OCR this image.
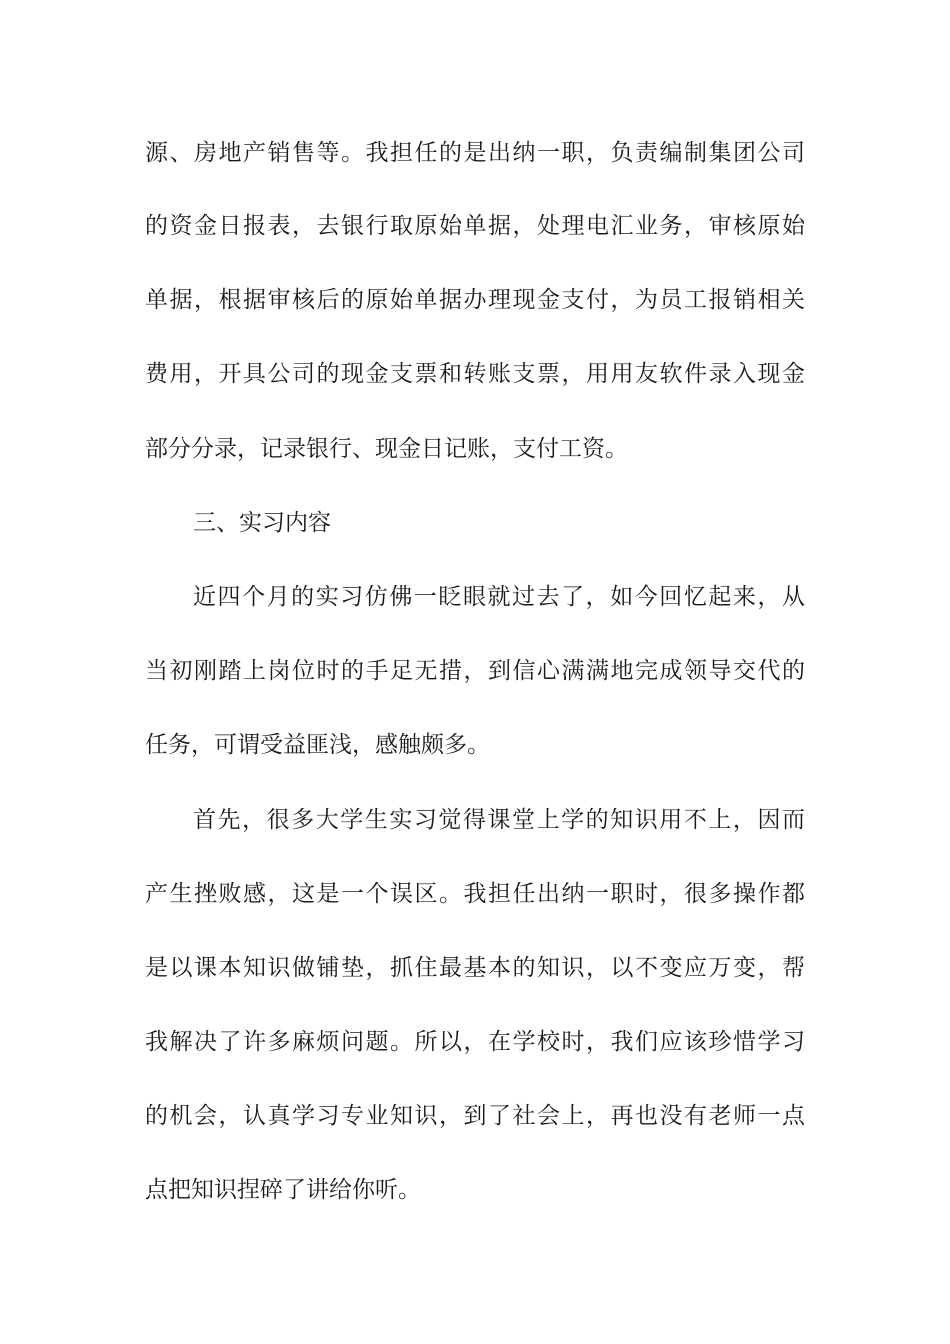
源、房地产销售等。我担任的是出纳一职，负责编制集团公司
的资金日报表，去银行取原始单据，处理电汇业务，审核原始
单据，根据审核后的原始单据办理现金支付，为员工报销相关
费用，开具公司的现金支票和转账支票，用用友软件录入现金
部分分录，记录银行、现金日记账，支付工资。
三、实习内容
近四个月的实习仿佛一眨眼就过去了，如今回忆起来，从
当初刚踏上岗位时的手足无措，到信心满满地完成领导交代的
任务，可谓受益匪浅，感触颇多。
首先，很多大学生实习觉得课堂上学的知识用不上，因而
产生挫败感，这是一个误区。我担任出纳一职时，很多操作都
是以课本知识做铺垫，抓住最基本的知识，以不变应万变，帮
我解决了许多麻烦问题。所以，在学校时，我们应该珍惜学习
的机会，认真学习专业知识，到了社会上，再也没有老师一点
点把知识捏碎了讲给你听。
